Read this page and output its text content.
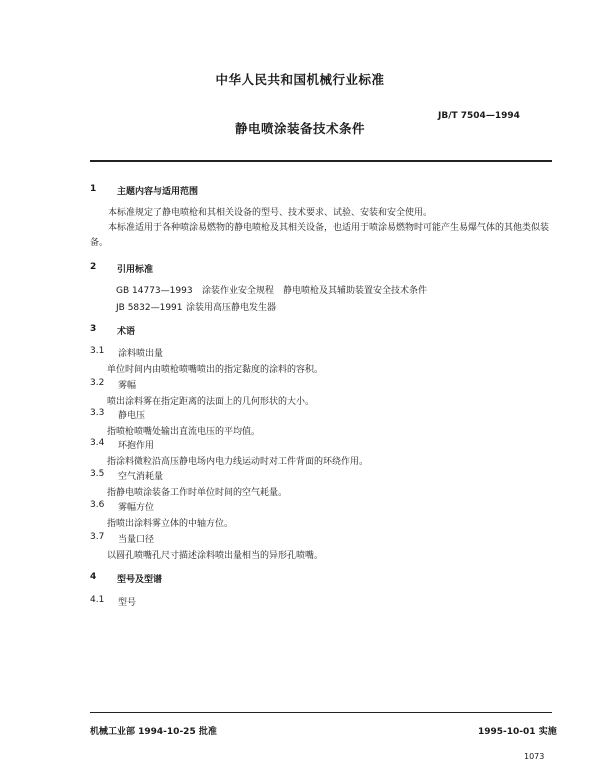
中华人民共和国机械行业标准
静电喷涂装备技术条件
JB/T 7504—1994
1 主题内容与适用范围
本标准规定了静电喷枪和其相关设备的型号、技术要求、试验、安装和安全使用。
本标准适用于各种喷涂易燃物的静电喷枪及其相关设备，也适用于喷涂易燃物时可能产生易爆气体的其他类似装备。
2 引用标准
GB 14773—1993 涂装作业安全规程　静电喷枪及其辅助装置安全技术条件
JB 5832—1991 涂装用高压静电发生器
3 术语
3.1 涂料喷出量
单位时间内由喷枪喷嘴喷出的指定黏度的涂料的容积。
3.2 雾幅
喷出涂料雾在指定距离的法面上的几何形状的大小。
3.3 静电压
指喷枪喷嘴处输出直流电压的平均值。
3.4 环抱作用
指涂料微粒沿高压静电场内电力线运动时对工件背面的环绕作用。
3.5 空气消耗量
指静电喷涂装备工作时单位时间的空气耗量。
3.6 雾幅方位
指喷出涂料雾立体的中轴方位。
3.7 当量口径
以圆孔喷嘴孔尺寸描述涂料喷出量相当的异形孔喷嘴。
4 型号及型谱
4.1 型号
机械工业部 1994-10-25 批准	1995-10-01 实施
1073
